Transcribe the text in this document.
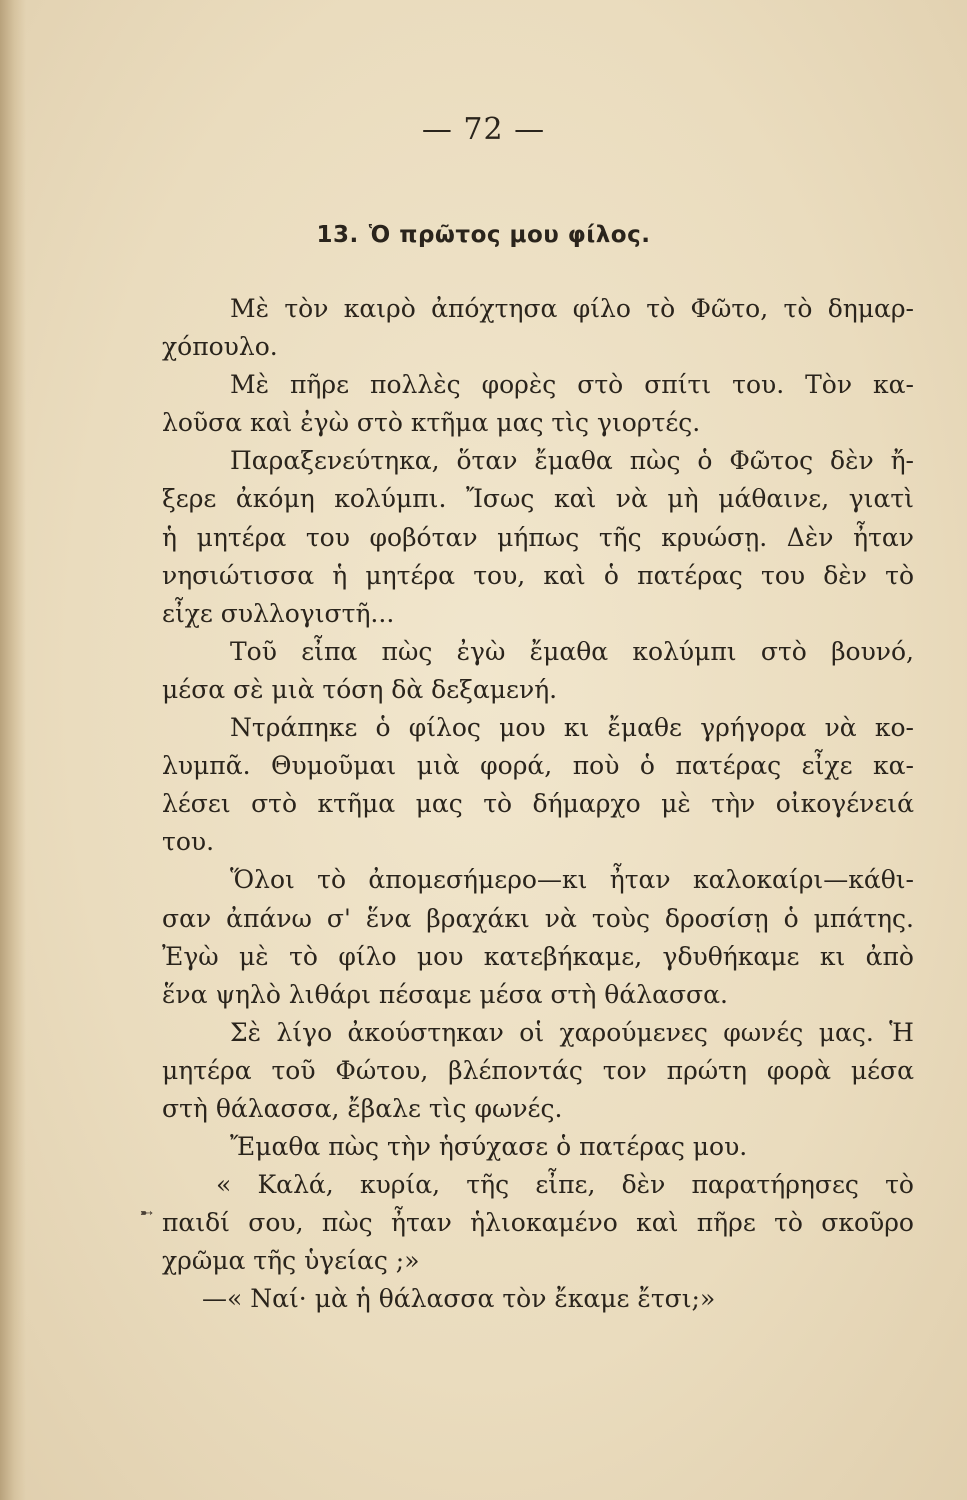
— 72 —
13. Ὁ πρῶτος μου φίλος.
➸
Μὲ τὸν καιρὸ ἀπόχτησα φίλο τὸ Φῶτο, τὸ δημαρ-
χόπουλο.
Μὲ πῆρε πολλὲς φορὲς στὸ σπίτι του. Τὸν κα-
λοῦσα καὶ ἐγὼ στὸ κτῆμα μας τὶς γιορτές.
Παραξενεύτηκα, ὅταν ἔμαθα πὼς ὁ Φῶτος δὲν ἤ-
ξερε ἀκόμη κολύμπι. Ἴσως καὶ νὰ μὴ μάθαινε, γιατὶ
ἡ μητέρα του φοβόταν μήπως τῆς κρυώσῃ. Δὲν ἦταν
νησιώτισσα ἡ μητέρα του, καὶ ὁ πατέρας του δὲν τὸ
εἶχε συλλογιστῆ...
Τοῦ εἶπα πὼς ἐγὼ ἔμαθα κολύμπι στὸ βουνό,
μέσα σὲ μιὰ τόση δὰ δεξαμενή.
Ντράπηκε ὁ φίλος μου κι ἔμαθε γρήγορα νὰ κο-
λυμπᾶ. Θυμοῦμαι μιὰ φορά, ποὺ ὁ πατέρας εἶχε κα-
λέσει στὸ κτῆμα μας τὸ δήμαρχο μὲ τὴν οἰκογένειά
του.
Ὅλοι τὸ ἀπομεσήμερο—κι ἦταν καλοκαίρι—κάθι-
σαν ἀπάνω σ' ἕνα βραχάκι νὰ τοὺς δροσίσῃ ὁ μπάτης.
Ἐγὼ μὲ τὸ φίλο μου κατεβήκαμε, γδυθήκαμε κι ἀπὸ
ἕνα ψηλὸ λιθάρι πέσαμε μέσα στὴ θάλασσα.
Σὲ λίγο ἀκούστηκαν οἱ χαρούμενες φωνές μας. Ἡ
μητέρα τοῦ Φώτου, βλέποντάς τον πρώτη φορὰ μέσα
στὴ θάλασσα, ἔβαλε τὶς φωνές.
Ἔμαθα πὼς τὴν ἡσύχασε ὁ πατέρας μου.
« Καλά, κυρία, τῆς εἶπε, δὲν παρατήρησες τὸ
παιδί σου, πὼς ἦταν ἡλιοκαμένο καὶ πῆρε τὸ σκοῦρο
χρῶμα τῆς ὑγείας ;»
—« Ναί· μὰ ἡ θάλασσα τὸν ἔκαμε ἔτσι;»
